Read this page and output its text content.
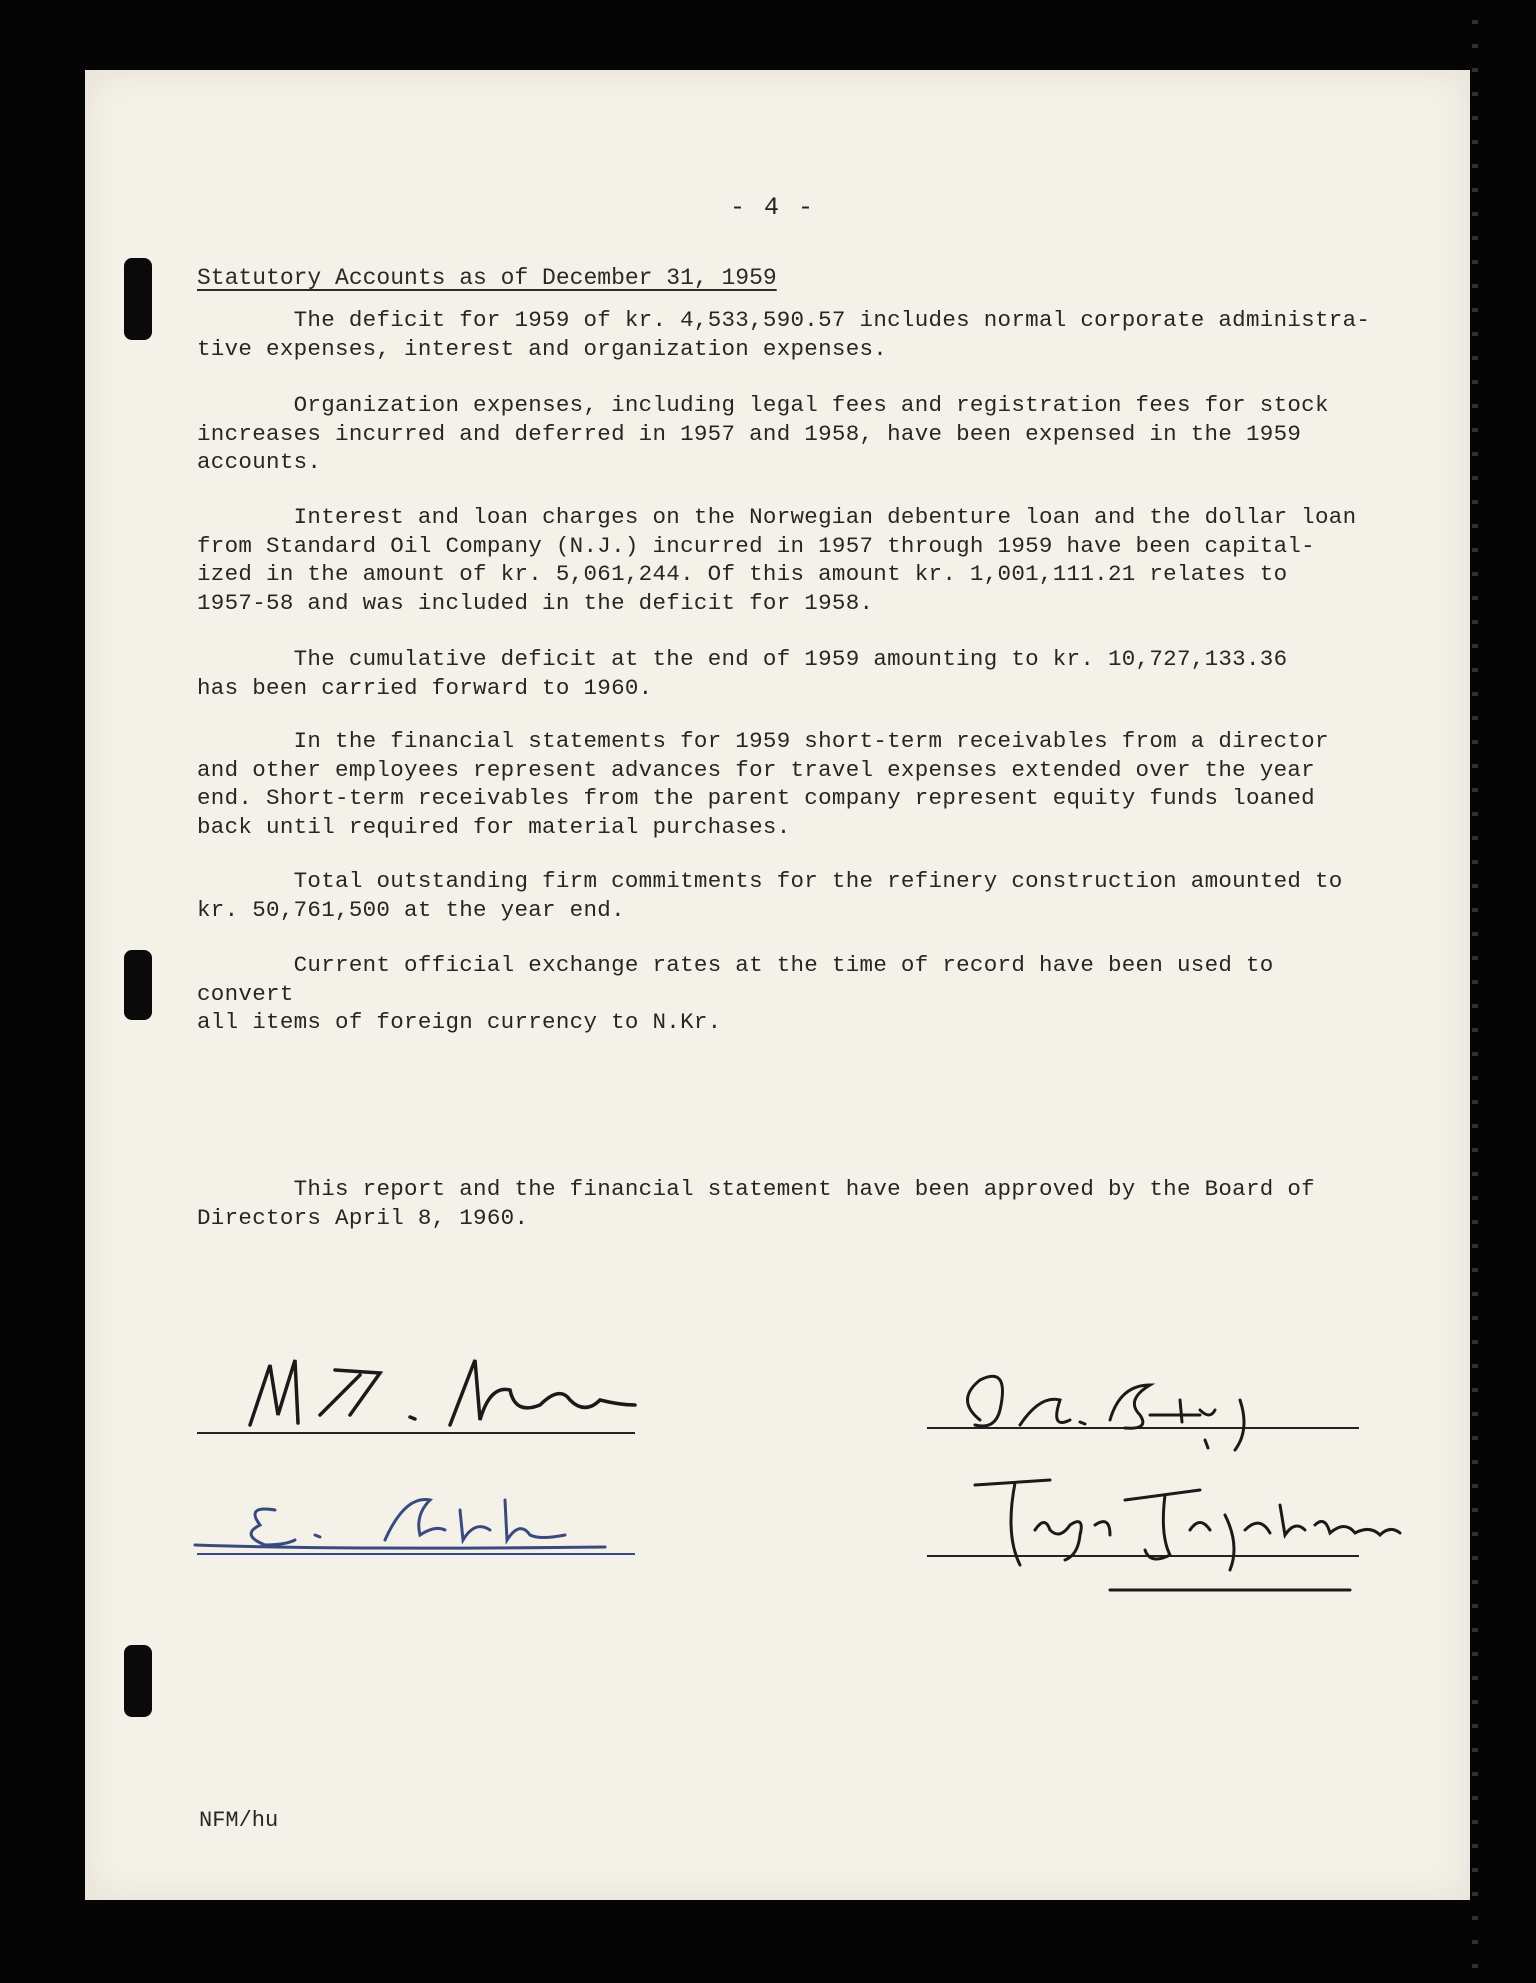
- 4 -
Statutory Accounts as of December 31, 1959

The deficit for 1959 of kr. 4,533,590.57 includes normal corporate administra-
tive expenses, interest and organization expenses.

Organization expenses, including legal fees and registration fees for stock
increases incurred and deferred in 1957 and 1958, have been expensed in the 1959
accounts.

Interest and loan charges on the Norwegian debenture loan and the dollar loan
from Standard Oil Company (N.J.) incurred in 1957 through 1959 have been capital-
ized in the amount of kr. 5,061,244. Of this amount kr. 1,001,111.21 relates to
1957-58 and was included in the deficit for 1958.

The cumulative deficit at the end of 1959 amounting to kr. 10,727,133.36
has been carried forward to 1960.

In the financial statements for 1959 short-term receivables from a director
and other employees represent advances for travel expenses extended over the year
end. Short-term receivables from the parent company represent equity funds loaned
back until required for material purchases.

Total outstanding firm commitments for the refinery construction amounted to
kr. 50,761,500 at the year end.

Current official exchange rates at the time of record have been used to convert
all items of foreign currency to N.Kr.

This report and the financial statement have been approved by the Board of
Directors April 8, 1960.

NFM/hu
